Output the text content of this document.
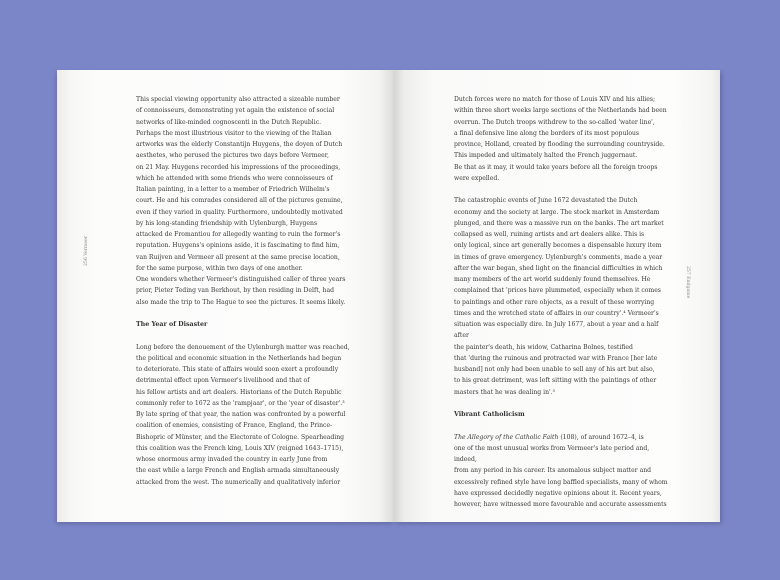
256 Vermeer
This special viewing opportunity also attracted a sizeable number
of connoisseurs, demonstrating yet again the existence of social
networks of like-minded cognoscenti in the Dutch Republic.
Perhaps the most illustrious visitor to the viewing of the Italian
artworks was the elderly Constantijn Huygens, the doyen of Dutch
aesthetes, who perused the pictures two days before Vermeer,
on 21 May. Huygens recorded his impressions of the proceedings,
which he attended with some friends who were connoisseurs of
Italian painting, in a letter to a member of Friedrich Wilhelm's
court. He and his comrades considered all of the pictures genuine,
even if they varied in quality. Furthermore, undoubtedly motivated
by his long-standing friendship with Uylenburgh, Huygens
attacked de Fromantiou for allegedly wanting to ruin the former's
reputation. Huygens's opinions aside, it is fascinating to find him,
van Ruijven and Vermeer all present at the same precise location,
for the same purpose, within two days of one another.
One wonders whether Vermeer's distinguished caller of three years
prior, Pieter Teding van Berkhout, by then residing in Delft, had
also made the trip to The Hague to see the pictures. It seems likely.

The Year of Disaster

Long before the denouement of the Uylenburgh matter was reached,
the political and economic situation in the Netherlands had begun
to deteriorate. This state of affairs would soon exert a profoundly
detrimental effect upon Vermeer's livelihood and that of
his fellow artists and art dealers. Historians of the Dutch Republic
commonly refer to 1672 as the 'rampjaar', or the 'year of disaster'.³
By late spring of that year, the nation was confronted by a powerful
coalition of enemies, consisting of France, England, the Prince-
Bishopric of Münster, and the Electorate of Cologne. Spearheading
this coalition was the French king, Louis XIV (reigned 1643–1715),
whose enormous army invaded the country in early June from
the east while a large French and English armada simultaneously
attacked from the west. The numerically and qualitatively inferior
257 Endgame
Dutch forces were no match for those of Louis XIV and his allies;
within three short weeks large sections of the Netherlands had been
overrun. The Dutch troops withdrew to the so-called 'water line',
a final defensive line along the borders of its most populous
province, Holland, created by flooding the surrounding countryside.
This impeded and ultimately halted the French juggernaut.
Be that as it may, it would take years before all the foreign troops
were expelled.

The catastrophic events of June 1672 devastated the Dutch
economy and the society at large. The stock market in Amsterdam
plunged, and there was a massive run on the banks. The art market
collapsed as well, ruining artists and art dealers alike. This is
only logical, since art generally becomes a dispensable luxury item
in times of grave emergency. Uylenburgh's comments, made a year
after the war began, shed light on the financial difficulties in which
many members of the art world suddenly found themselves. He
complained that 'prices have plummeted, especially when it comes
to paintings and other rare objects, as a result of these worrying
times and the wretched state of affairs in our country'.⁴ Vermeer's
situation was especially dire. In July 1677, about a year and a half after
the painter's death, his widow, Catharina Bolnes, testified
that 'during the ruinous and protracted war with France [her late
husband] not only had been unable to sell any of his art but also,
to his great detriment, was left sitting with the paintings of other
masters that he was dealing in'.⁵

Vibrant Catholicism

The Allegory of the Catholic Faith (108), of around 1672–4, is
one of the most unusual works from Vermeer's late period and, indeed,
from any period in his career. Its anomalous subject matter and
excessively refined style have long baffled specialists, many of whom
have expressed decidedly negative opinions about it. Recent years,
however, have witnessed more favourable and accurate assessments
